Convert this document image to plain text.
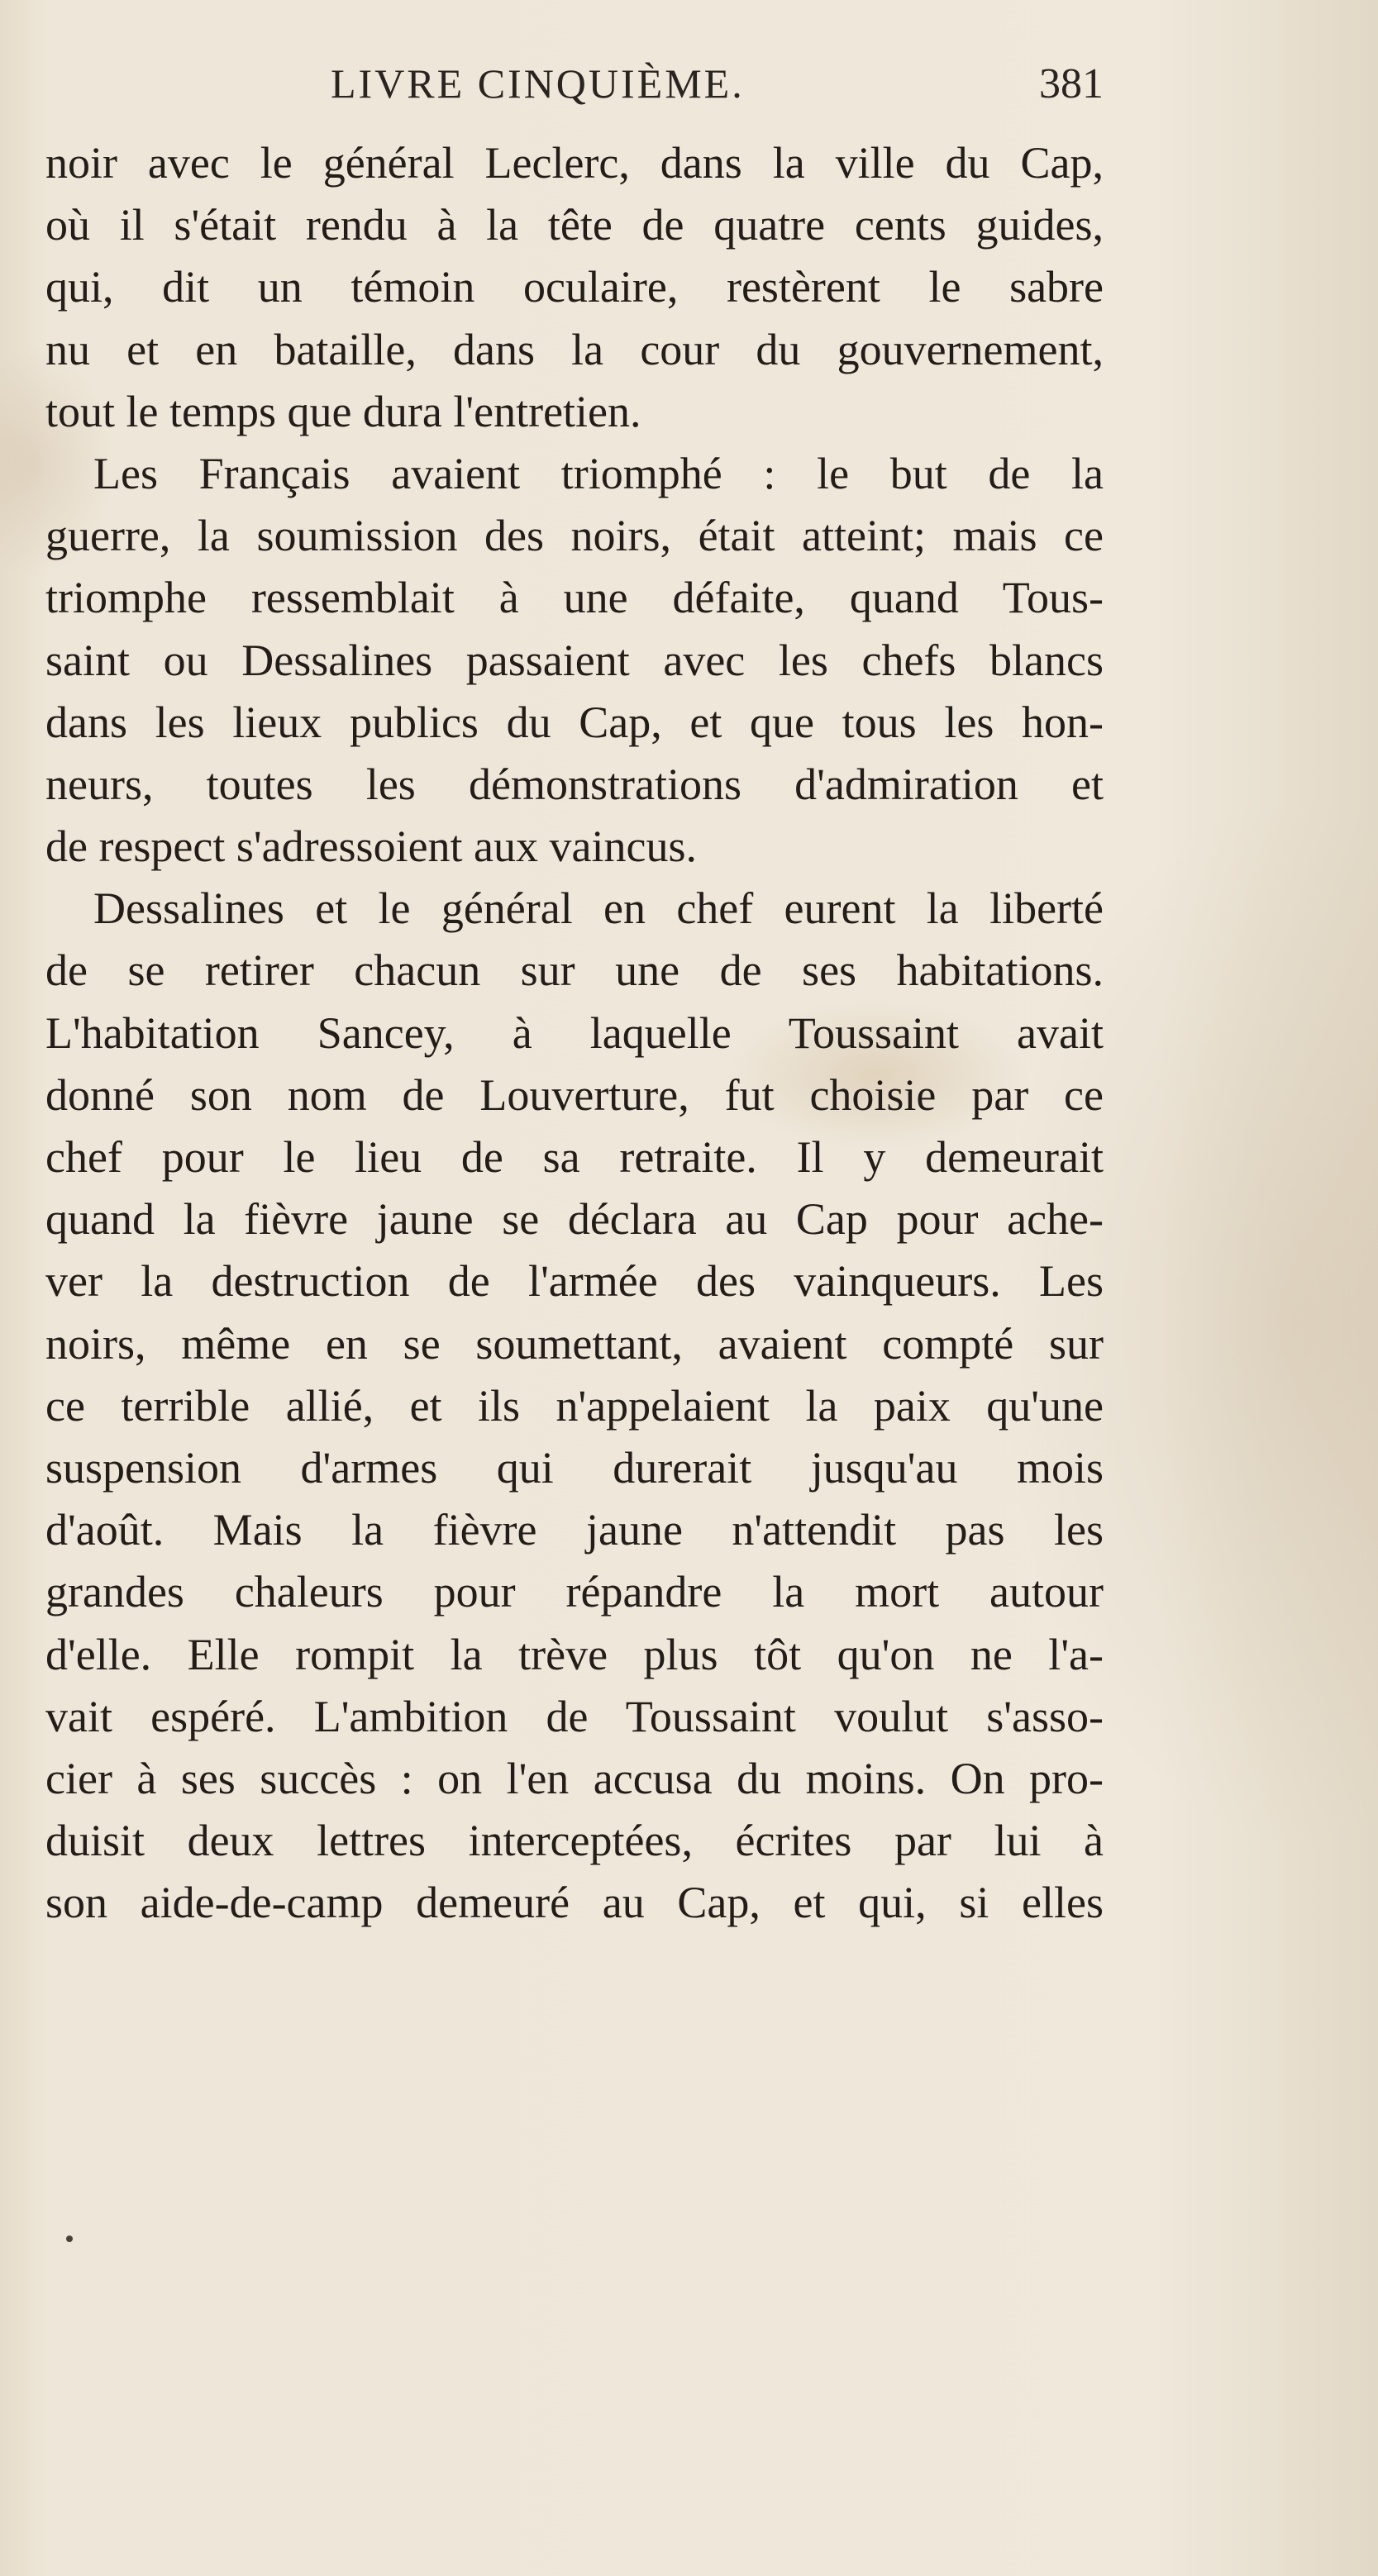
LIVRE CINQUIÈME.	381
noir avec le général Leclerc, dans la ville du Cap,
où il s'était rendu à la tête de quatre cents guides,
qui, dit un témoin oculaire, restèrent le sabre
nu et en bataille, dans la cour du gouvernement,
tout le temps que dura l'entretien.
Les Français avaient triomphé : le but de la
guerre, la soumission des noirs, était atteint; mais ce
triomphe ressemblait à une défaite, quand Tous-
saint ou Dessalines passaient avec les chefs blancs
dans les lieux publics du Cap, et que tous les hon-
neurs, toutes les démonstrations d'admiration et
de respect s'adressoient aux vaincus.
Dessalines et le général en chef eurent la liberté
de se retirer chacun sur une de ses habitations.
L'habitation Sancey, à laquelle Toussaint avait
donné son nom de Louverture, fut choisie par ce
chef pour le lieu de sa retraite. Il y demeurait
quand la fièvre jaune se déclara au Cap pour ache-
ver la destruction de l'armée des vainqueurs. Les
noirs, même en se soumettant, avaient compté sur
ce terrible allié, et ils n'appelaient la paix qu'une
suspension d'armes qui durerait jusqu'au mois
d'août. Mais la fièvre jaune n'attendit pas les
grandes chaleurs pour répandre la mort autour
d'elle. Elle rompit la trève plus tôt qu'on ne l'a-
vait espéré. L'ambition de Toussaint voulut s'asso-
cier à ses succès : on l'en accusa du moins. On pro-
duisit deux lettres interceptées, écrites par lui à
son aide-de-camp demeuré au Cap, et qui, si elles
